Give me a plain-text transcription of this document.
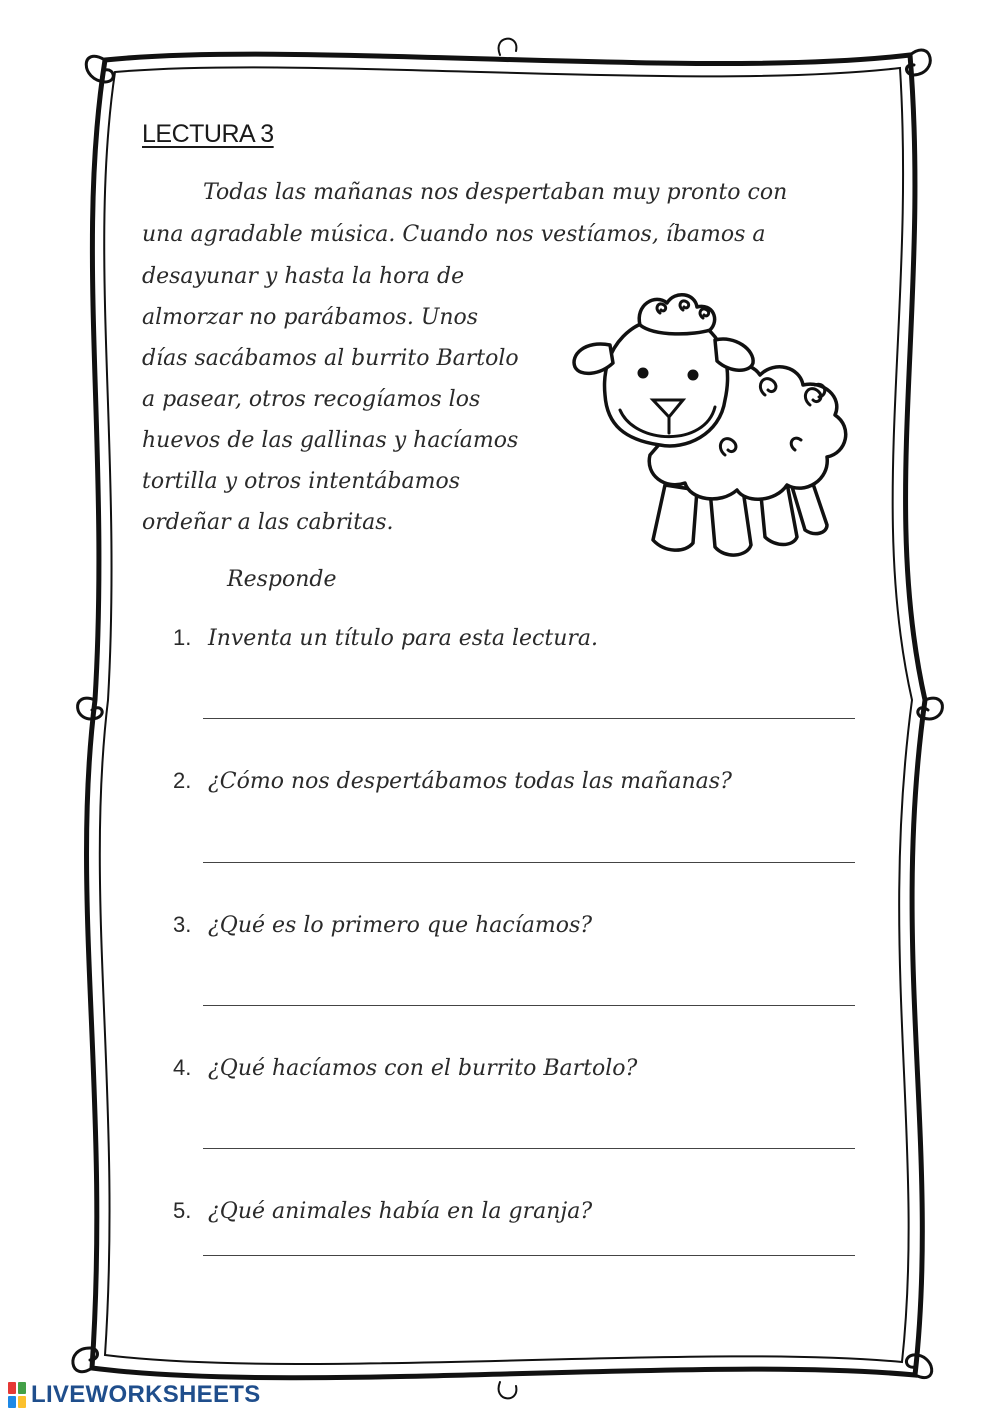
LECTURA 3
Todas las mañanas nos despertaban muy pronto con
una agradable música. Cuando nos vestíamos, íbamos a
desayunar y hasta la hora de
almorzar no parábamos. Unos
días sacábamos al burrito Bartolo
a pasear, otros recogíamos los
huevos de las gallinas y hacíamos
tortilla y otros intentábamos
ordeñar a las cabritas.
Responde
1. Inventa un título para esta lectura.
2. ¿Cómo nos despertábamos todas las mañanas?
3. ¿Qué es lo primero que hacíamos?
4. ¿Qué hacíamos con el burrito Bartolo?
5. ¿Qué animales había en la granja?
LIVEWORKSHEETS
